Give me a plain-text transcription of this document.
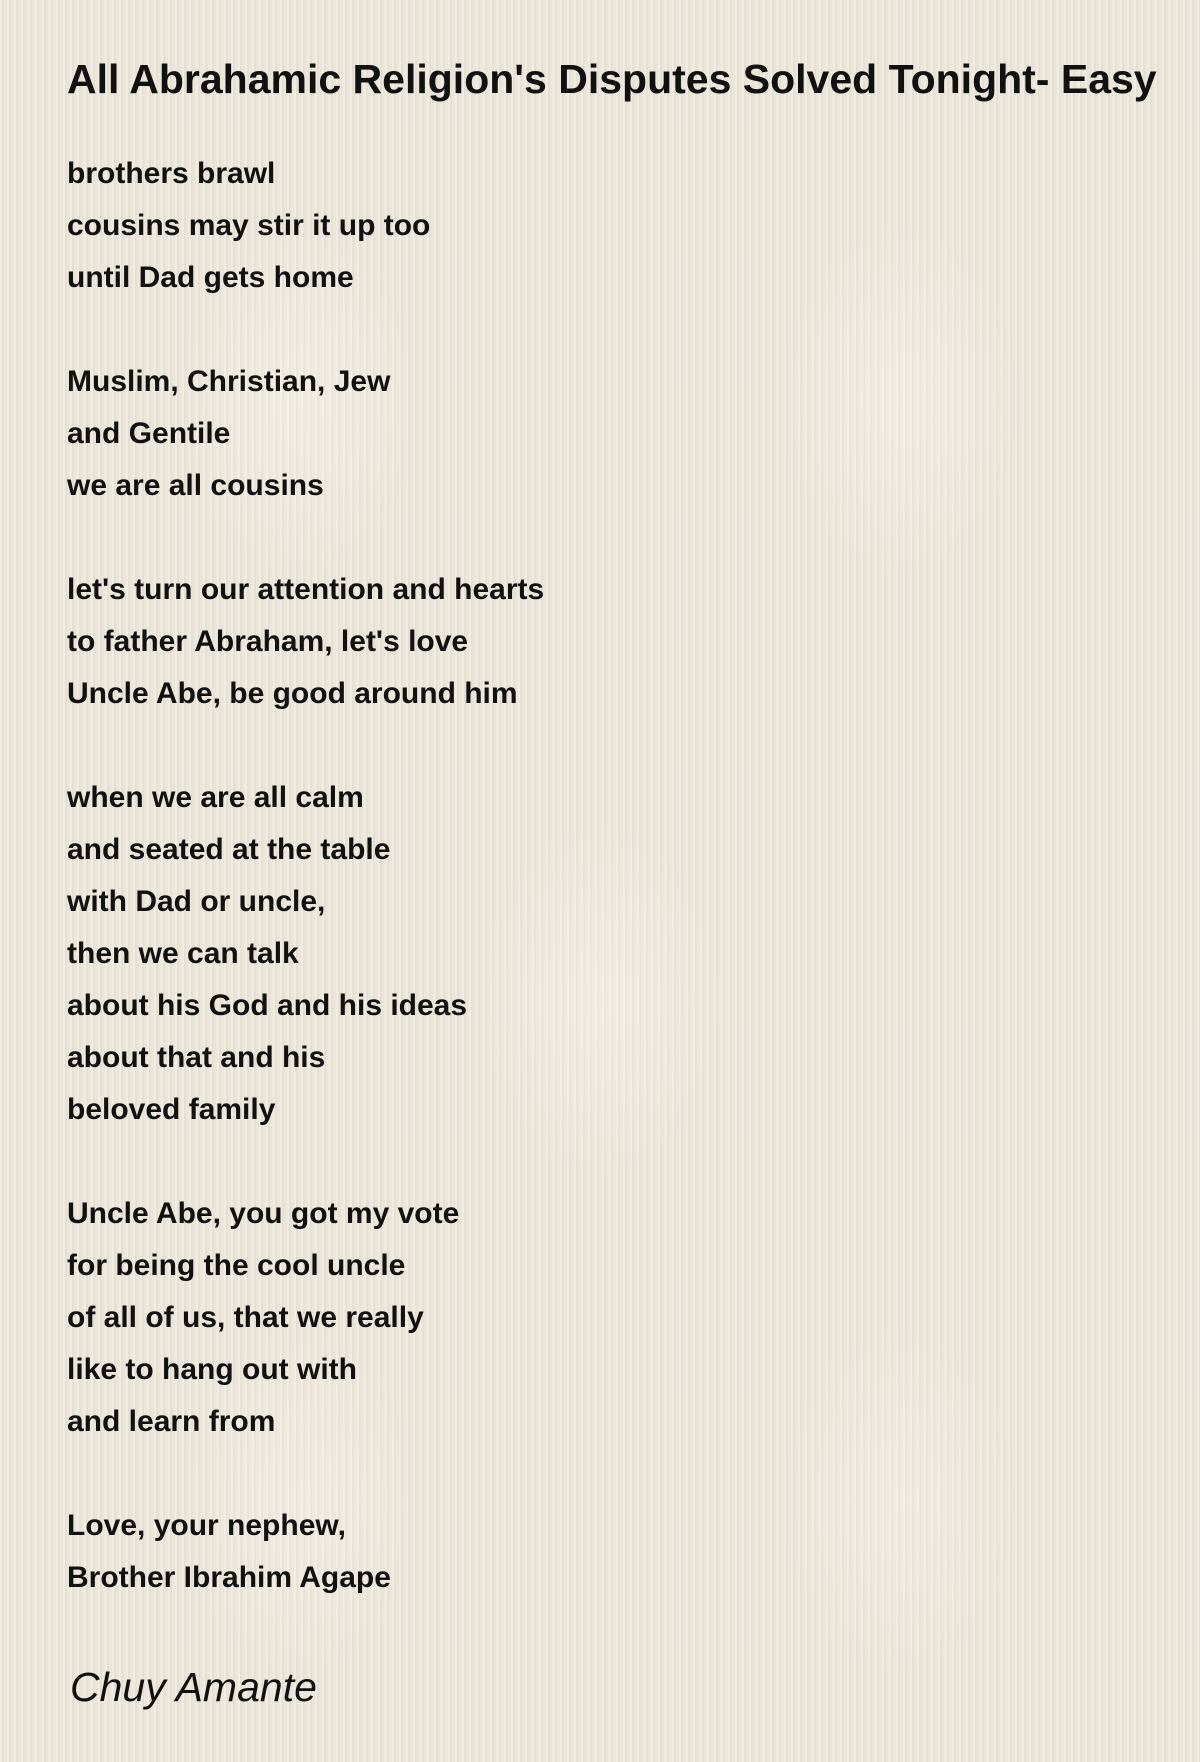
All Abrahamic Religion's Disputes Solved Tonight- Easy
brothers brawl
cousins may stir it up too
until Dad gets home
Muslim, Christian, Jew
and Gentile
we are all cousins
let's turn our attention and hearts
to father Abraham, let's love
Uncle Abe, be good around him
when we are all calm
and seated at the table
with Dad or uncle,
then we can talk
about his God and his ideas
about that and his
beloved family
Uncle Abe, you got my vote
for being the cool uncle
of all of us, that we really
like to hang out with
and learn from
Love, your nephew,
Brother Ibrahim Agape
Chuy Amante
